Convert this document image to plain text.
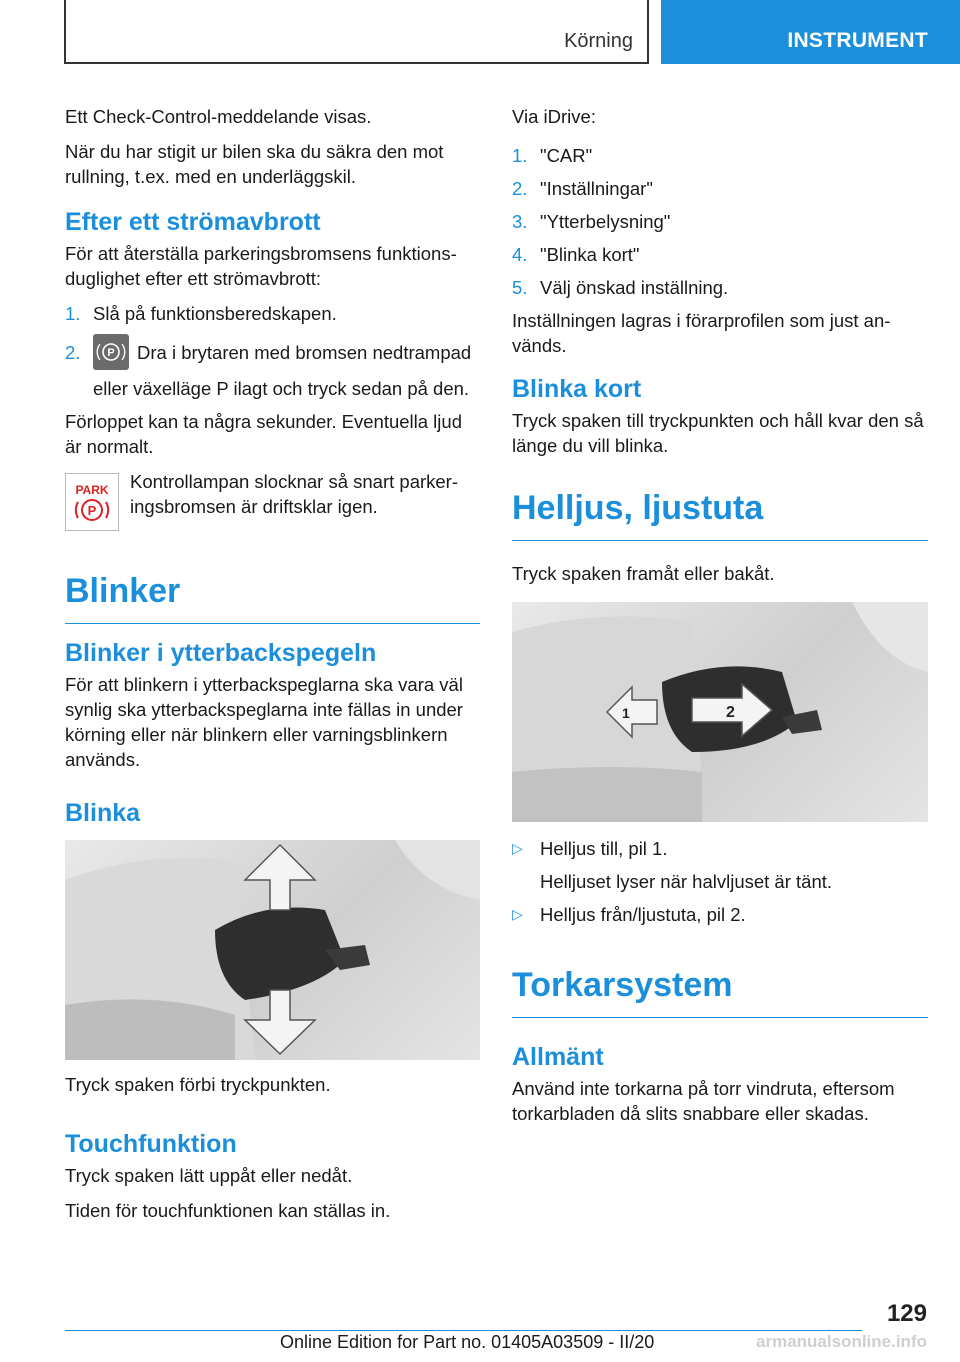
Körning	INSTRUMENT

Ett Check-Control-meddelande visas.

När du har stigit ur bilen ska du säkra den mot rullning, t.ex. med en underläggskil.

Efter ett strömavbrott

För att återställa parkeringsbromsens funktionsduglighet efter ett strömavbrott:

1. Slå på funktionsberedskapen.
2. P Dra i brytaren med bromsen nedtrampad eller växelläge P ilagt och tryck sedan på den.

Förloppet kan ta några sekunder. Eventuella ljud är normalt.

PARK
P

Kontrollampan slocknar så snart parkeringsbromsen är driftsklar igen.

Blinker
Blinker i ytterbackspegeln

För att blinkern i ytterbackspeglarna ska vara väl synlig ska ytterbackspeglarna inte fällas in under körning eller när blinkern eller varningsblinkern används.

Blinka

Tryck spaken förbi tryckpunkten.

Touchfunktion

Tryck spaken lätt uppåt eller nedåt.

Tiden för touchfunktionen kan ställas in.

Via iDrive:

1. "CAR"
2. "Inställningar"
3. "Ytterbelysning"
4. "Blinka kort"
5. Välj önskad inställning.

Inställningen lagras i förarprofilen som just används.

Blinka kort

Tryck spaken till tryckpunkten och håll kvar den så länge du vill blinka.

Helljus, ljustuta

Tryck spaken framåt eller bakåt.

1	2
▷ Helljus till, pil 1.
Helljuset lyser när halvljuset är tänt.
▷ Helljus från/ljustuta, pil 2.
Torkarsystem
Allmänt

Använd inte torkarna på torr vindruta, eftersom torkarbladen då slits snabbare eller skadas.

129
Online Edition for Part no. 01405A03509 - II/20	armanualsonline.info
